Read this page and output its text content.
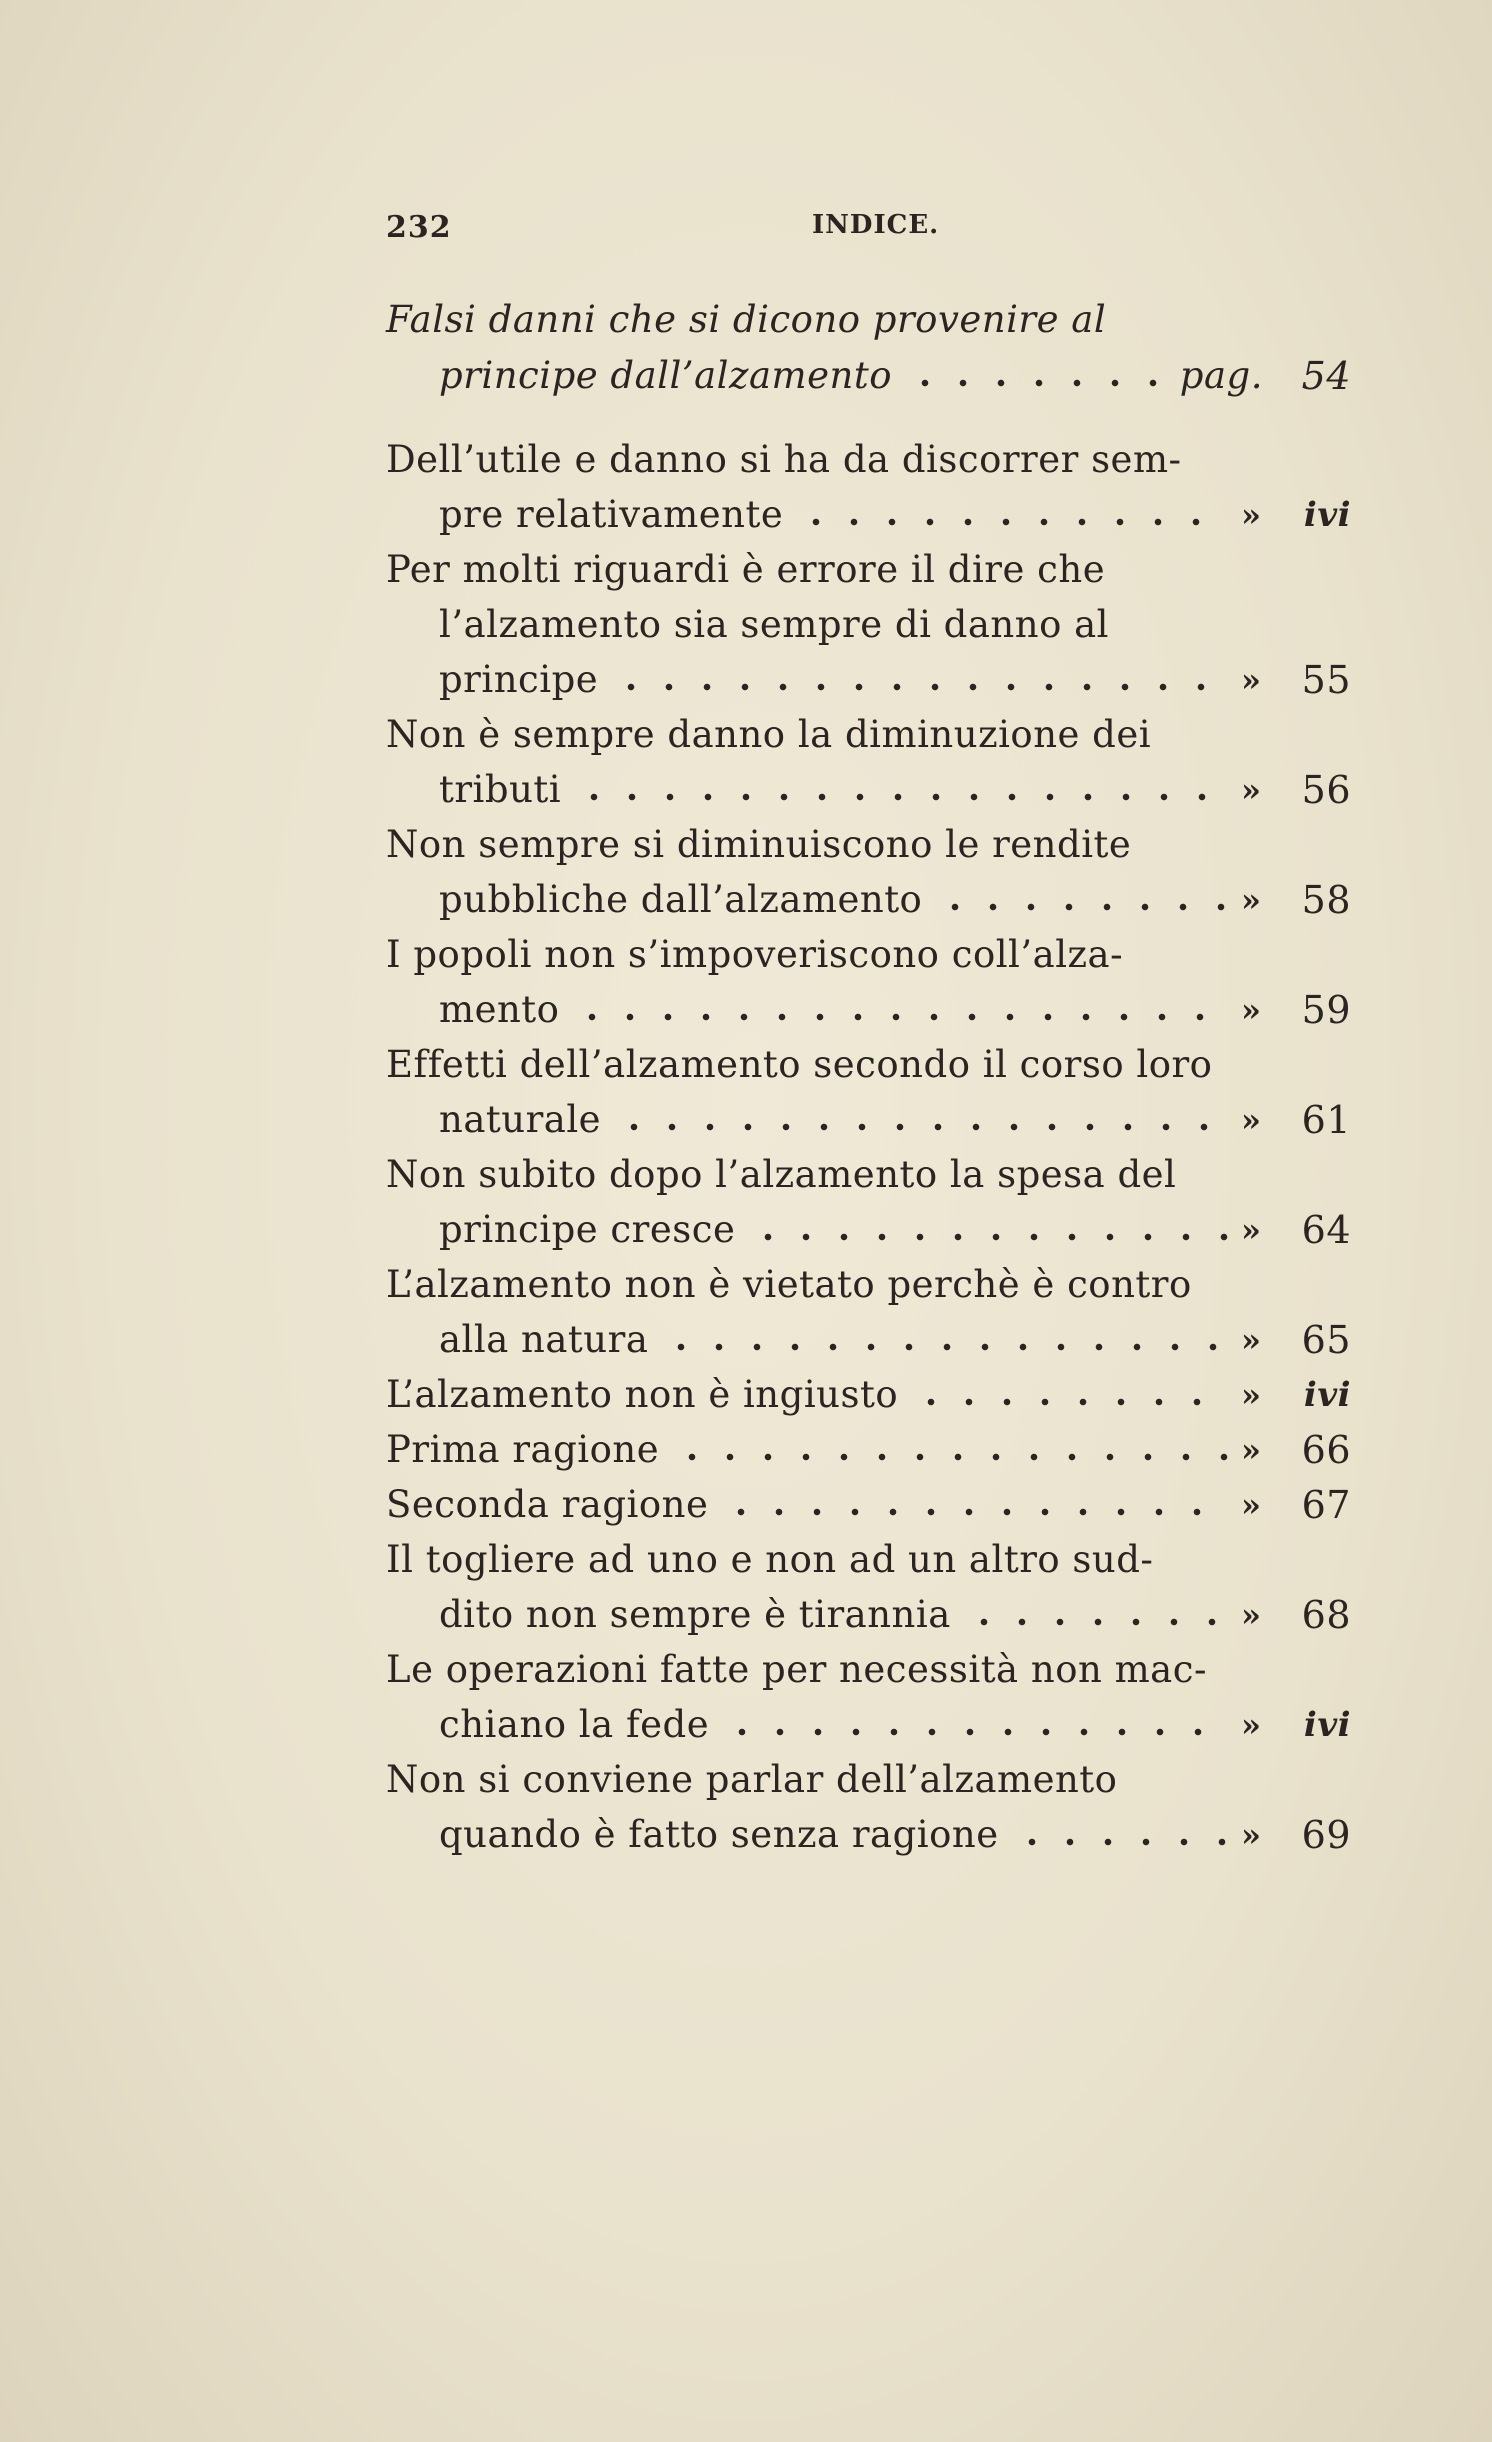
232	INDICE.
Falsi danni che si dicono provenire al
principe dall’alzamento	pag. 54
Dell’utile e danno si ha da discorrer sem-
pre relativamente	»	ivi
Per molti riguardi è errore il dire che
l’alzamento sia sempre di danno al
principe	»	55
Non è sempre danno la diminuzione dei
tributi	»	56
Non sempre si diminuiscono le rendite
pubbliche dall’alzamento	»	58
I popoli non s’impoveriscono coll’alza-
mento	»	59
Effetti dell’alzamento secondo il corso loro
naturale	»	61
Non subito dopo l’alzamento la spesa del
principe cresce	»	64
L’alzamento non è vietato perchè è contro
alla natura	»	65
L’alzamento non è ingiusto	»	ivi
Prima ragione	»	66
Seconda ragione	»	67
Il togliere ad uno e non ad un altro sud-
dito non sempre è tirannia	»	68
Le operazioni fatte per necessità non mac-
chiano la fede	»	ivi
Non si conviene parlar dell’alzamento
quando è fatto senza ragione	»	69
